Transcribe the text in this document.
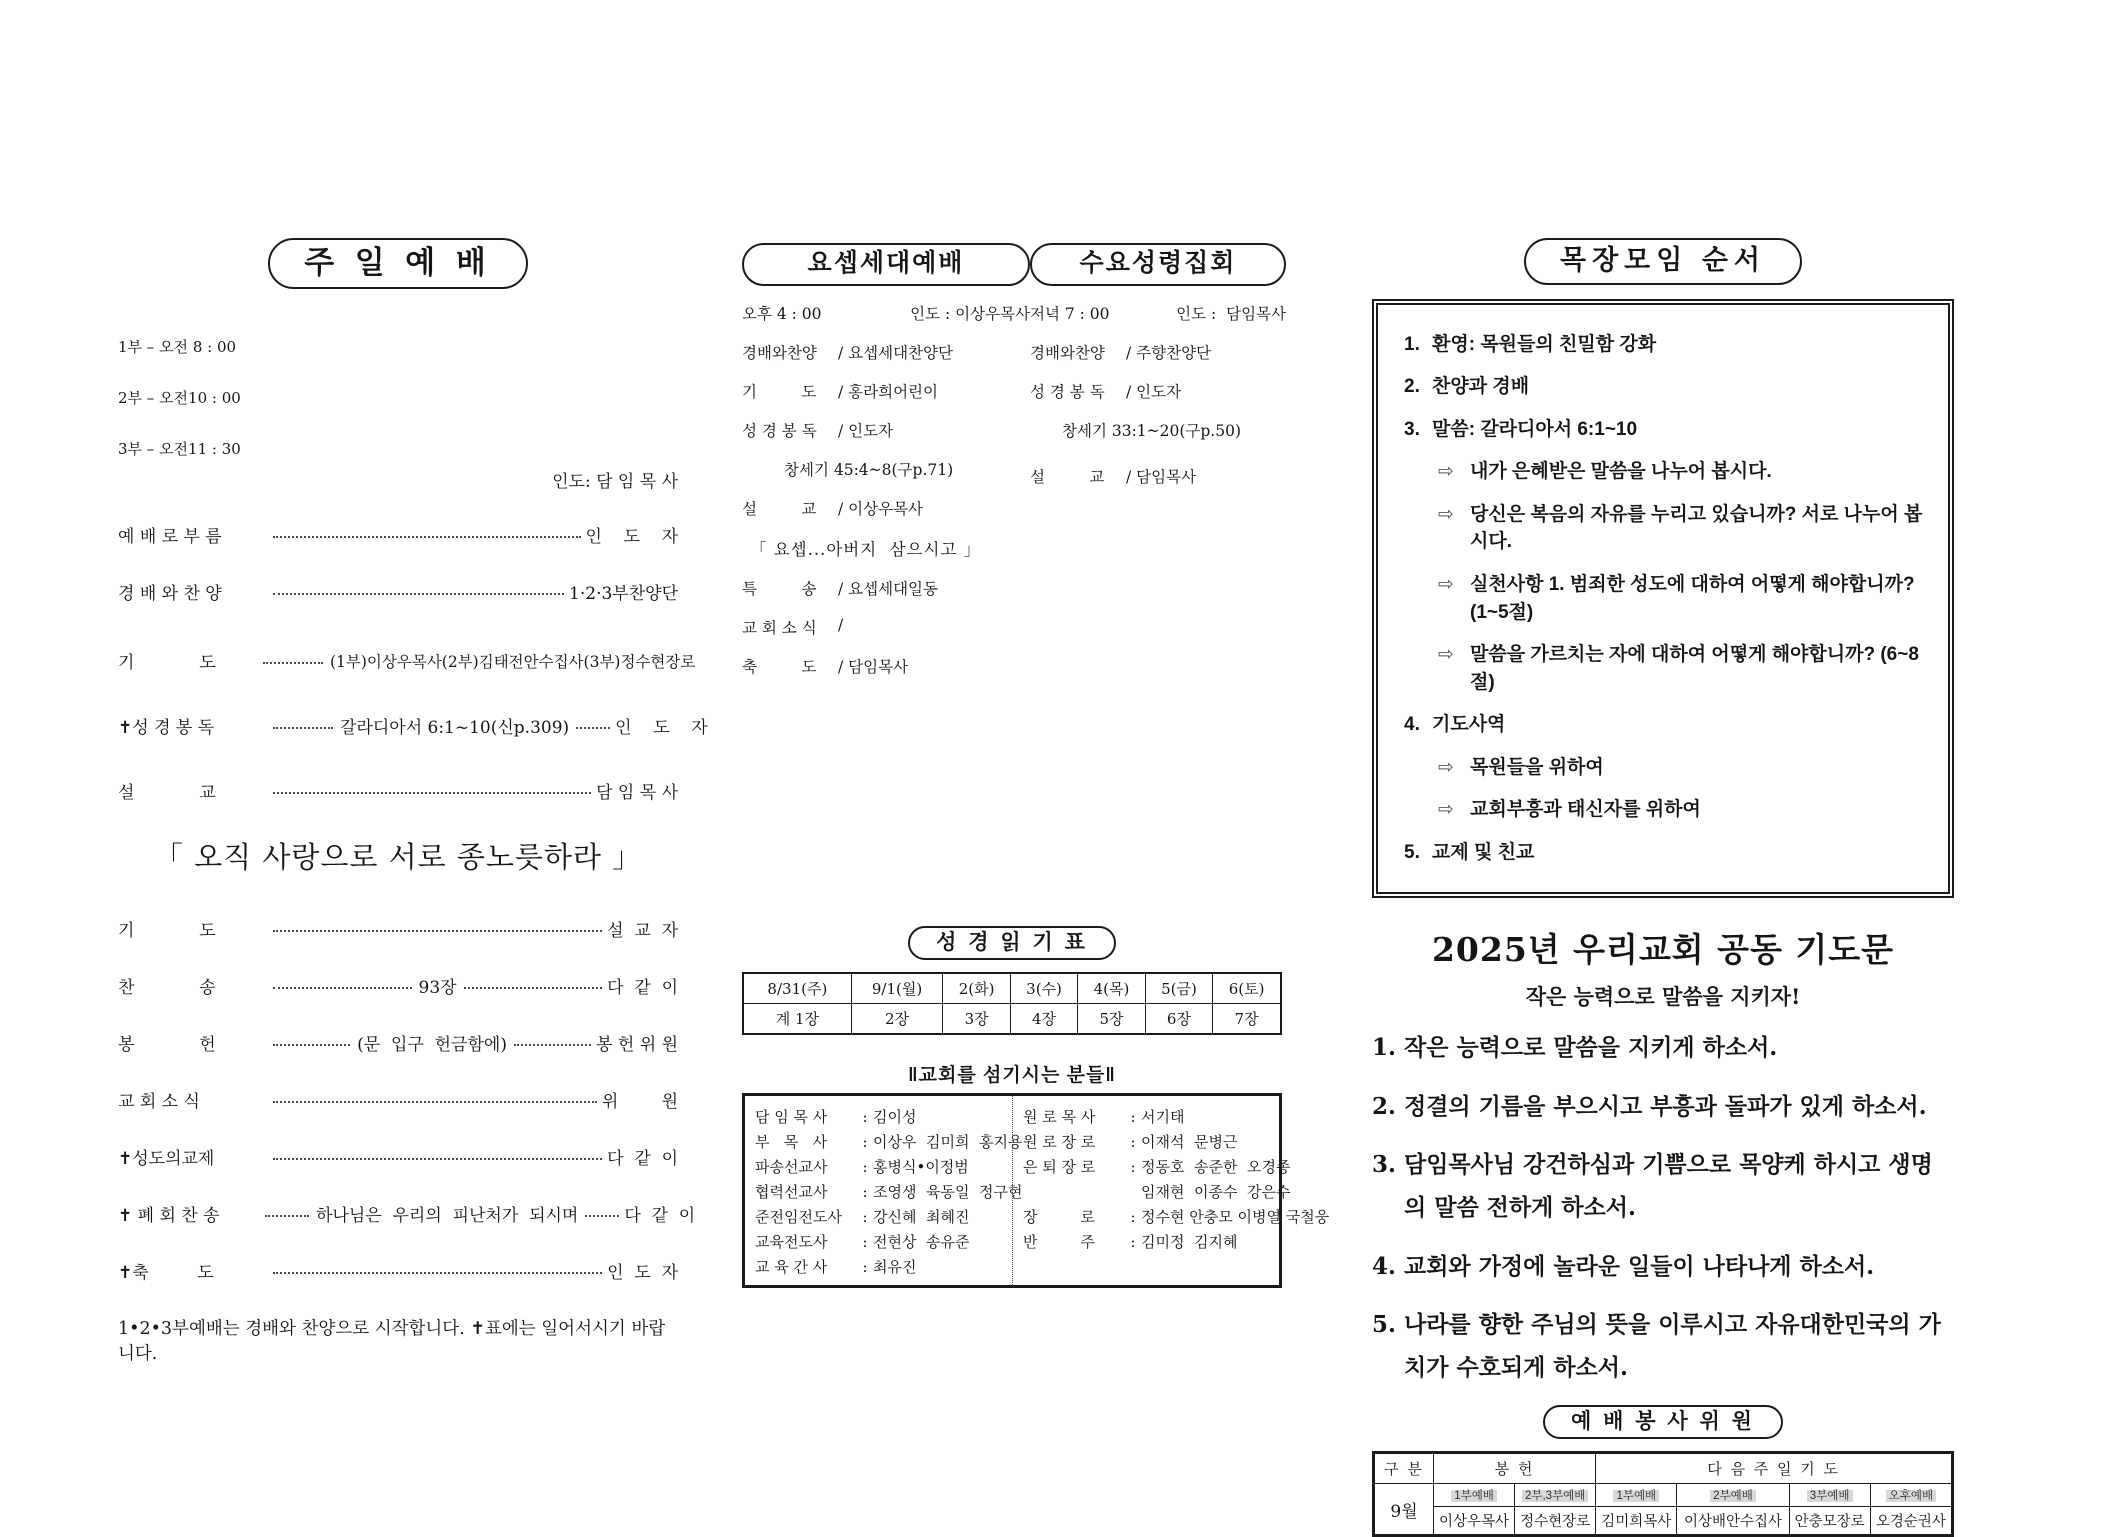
주 일 예 배

1부 – 오전 8 : 00

2부 – 오전10 : 00

3부 – 오전11 : 30

인도: 담 임 목 사
예 배 로 부 름	인    도    자
경 배 와 찬 양	1·2·3부찬양단
기            도	(1부)이상우목사(2부)김태전안수집사(3부)정수현장로
✝성 경 봉 독	갈라디아서 6:1~10(신p.309)	인    도    자
설            교	담 임 목 사
「 오직 사랑으로 서로 종노릇하라 」
기            도	설  교  자
찬            송	93장	다  같  이
봉            헌	(문  입구  헌금함에)	봉 헌 위 원
교 회 소 식	위        원
✝성도의교제	다  같  이
✝ 폐 회 찬 송	하나님은  우리의  피난처가  되시며	다  같  이
✝축         도	인  도  자
1•2•3부예배는 경배와 찬양으로 시작합니다. ✝표에는 일어서시기 바랍니다.
요셉세대예배
오후 4 : 00	인도 : 이상우목사
경배와찬양	/ 요셉세대찬양단
기         도	/ 홍라희어린이
성 경 봉 독	/ 인도자
창세기 45:4~8(구p.71)
설         교	/ 이상우목사
「 요셉...아버지  삼으시고 」
특         송	/ 요셉세대일동
교 회 소 식	/
축         도	/ 담임목사
수요성령집회
저녁 7 : 00	인도 :  담임목사
경배와찬양	/ 주향찬양단
성 경 봉 독	/ 인도자
창세기 33:1~20(구p.50)
설         교	/ 담임목사
성 경 읽 기 표
8/31(주)	9/1(월)	2(화)	3(수)	4(목)	5(금)	6(토)
계 1장	2장	3장	4장	5장	6장	7장
‖교회를 섬기시는 분들‖
담 임 목 사	: 김이성
부   목   사	: 이상우  김미희  홍지용
파송선교사	: 홍병식•이정범
협력선교사	: 조영생  육동일  정구현
준전임전도사	: 강신혜  최혜진
교육전도사	: 전현상  송유준
교 육 간 사	: 최유진
원 로 목 사	: 서기태
원 로 장 로	: 이재석  문병근
은 퇴 장 로	: 정동호  송준한  오경종
임재현  이종수  강은수
장         로	: 정수현 안충모 이병열 국철웅
반         주	: 김미정  김지혜
목장모임 순서
1. 환영: 목원들의 친밀함 강화
2. 찬양과 경배
3. 말씀: 갈라디아서 6:1~10
⇨ 내가 은혜받은 말씀을 나누어 봅시다.
⇨ 당신은 복음의 자유를 누리고 있습니까? 서로 나누어 봅시다.
⇨ 실천사항 1. 범죄한 성도에 대하여 어떻게 해야합니까? (1~5절)
⇨ 말씀을 가르치는 자에 대하여 어떻게 해야합니까? (6~8절)
4. 기도사역
⇨ 목원들을 위하여
⇨ 교회부흥과 태신자를 위하여
5. 교제 및 친교
2025년 우리교회 공동 기도문
작은 능력으로 말씀을 지키자!
1. 작은 능력으로 말씀을 지키게 하소서.
2. 정결의 기름을 부으시고 부흥과 돌파가 있게 하소서.
3. 담임목사님 강건하심과 기쁨으로 목양케 하시고 생명의 말씀 전하게 하소서.
4. 교회와 가정에 놀라운 일들이 나타나게 하소서.
5. 나라를 향한 주님의 뜻을 이루시고 자유대한민국의 가치가 수호되게 하소서.
예 배 봉 사 위 원
구 분	봉 헌		다 음 주 일 기 도			
9월	1부예배	2부,3부예배	1부예배	2부예배	3부예배	오후예배
	이상우목사	정수현장로	김미희목사	이상배안수집사	안충모장로	오경순권사
